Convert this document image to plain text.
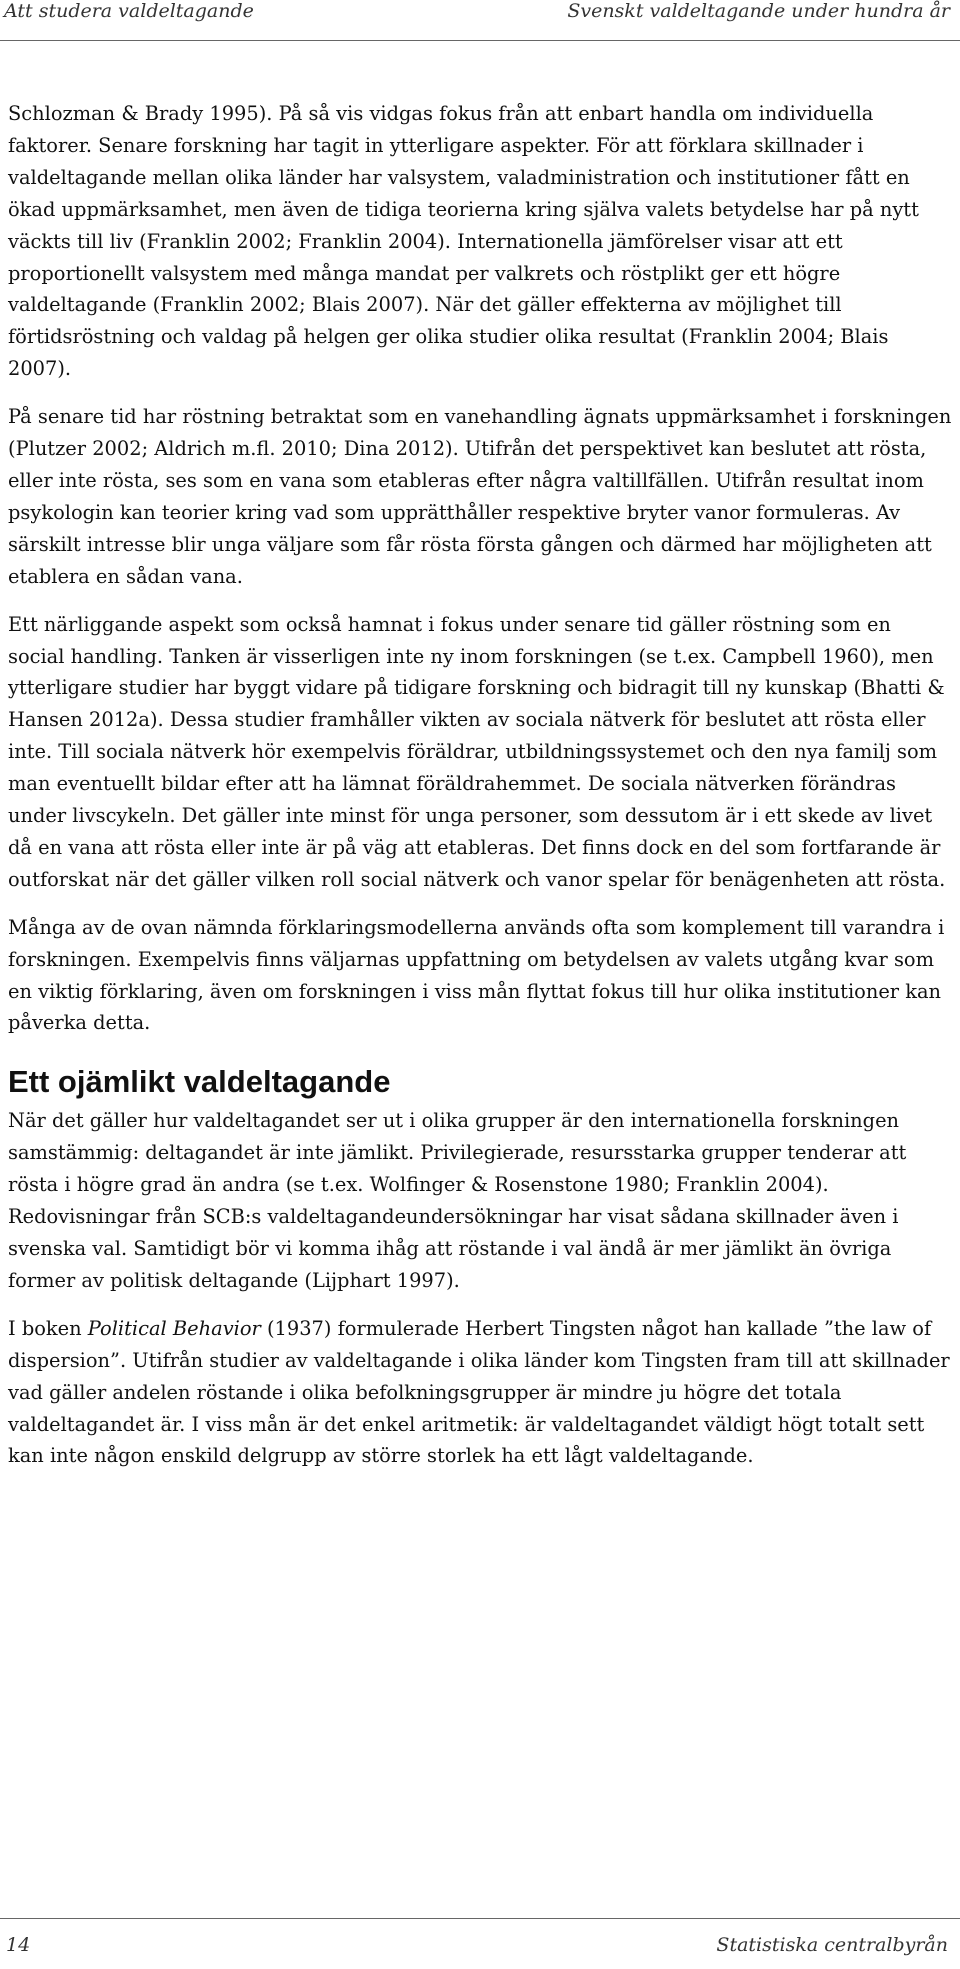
Att studera valdeltagande	Svenskt valdeltagande under hundra år

Schlozman & Brady 1995). På så vis vidgas fokus från att enbart handla om individuella faktorer. Senare forskning har tagit in ytterligare aspekter. För att förklara skillnader i valdeltagande mellan olika länder har valsystem, valadministration och institutioner fått en ökad uppmärksamhet, men även de tidiga teorierna kring själva valets betydelse har på nytt väckts till liv (Franklin 2002; Franklin 2004). Internationella jämförelser visar att ett proportionellt valsystem med många mandat per valkrets och röstplikt ger ett högre valdeltagande (Franklin 2002; Blais 2007). När det gäller effekterna av möjlighet till förtidsröstning och valdag på helgen ger olika studier olika resultat (Franklin 2004; Blais 2007).

På senare tid har röstning betraktat som en vanehandling ägnats uppmärksamhet i forskningen (Plutzer 2002; Aldrich m.fl. 2010; Dina 2012). Utifrån det perspektivet kan beslutet att rösta, eller inte rösta, ses som en vana som etableras efter några valtillfällen. Utifrån resultat inom psykologin kan teorier kring vad som upprätthåller respektive bryter vanor formuleras. Av särskilt intresse blir unga väljare som får rösta första gången och därmed har möjligheten att etablera en sådan vana.

Ett närliggande aspekt som också hamnat i fokus under senare tid gäller röstning som en social handling. Tanken är visserligen inte ny inom forskningen (se t.ex. Campbell 1960), men ytterligare studier har byggt vidare på tidigare forskning och bidragit till ny kunskap (Bhatti & Hansen 2012a). Dessa studier framhåller vikten av sociala nätverk för beslutet att rösta eller inte. Till sociala nätverk hör exempelvis föräldrar, utbildningssystemet och den nya familj som man eventuellt bildar efter att ha lämnat föräldrahemmet. De sociala nätverken förändras under livscykeln. Det gäller inte minst för unga personer, som dessutom är i ett skede av livet då en vana att rösta eller inte är på väg att etableras. Det finns dock en del som fortfarande är outforskat när det gäller vilken roll social nätverk och vanor spelar för benägenheten att rösta.

Många av de ovan nämnda förklaringsmodellerna används ofta som komplement till varandra i forskningen. Exempelvis finns väljarnas uppfattning om betydelsen av valets utgång kvar som en viktig förklaring, även om forskningen i viss mån flyttat fokus till hur olika institutioner kan påverka detta.

Ett ojämlikt valdeltagande

När det gäller hur valdeltagandet ser ut i olika grupper är den internationella forskningen samstämmig: deltagandet är inte jämlikt. Privilegierade, resursstarka grupper tenderar att rösta i högre grad än andra (se t.ex. Wolfinger & Rosenstone 1980; Franklin 2004). Redovisningar från SCB:s valdeltagandeundersökningar har visat sådana skillnader även i svenska val. Samtidigt bör vi komma ihåg att röstande i val ändå är mer jämlikt än övriga former av politisk deltagande (Lijphart 1997).

I boken Political Behavior (1937) formulerade Herbert Tingsten något han kallade ”the law of dispersion”. Utifrån studier av valdeltagande i olika länder kom Tingsten fram till att skillnader vad gäller andelen röstande i olika befolkningsgrupper är mindre ju högre det totala valdeltagandet är. I viss mån är det enkel aritmetik: är valdeltagandet väldigt högt totalt sett kan inte någon enskild delgrupp av större storlek ha ett lågt valdeltagande.

14	Statistiska centralbyrån
